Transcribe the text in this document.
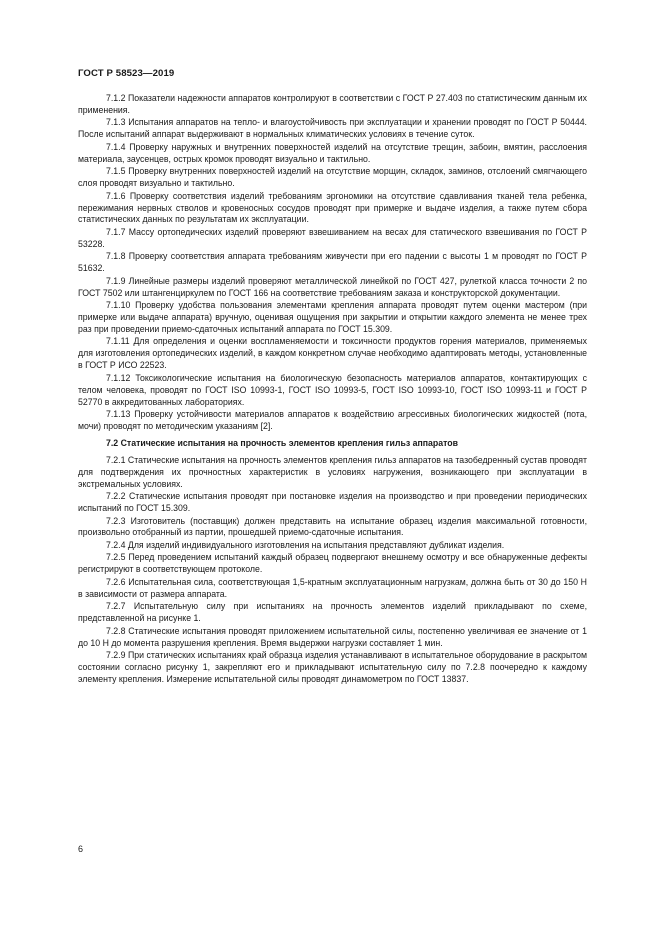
ГОСТ Р 58523—2019

7.1.2 Показатели надежности аппаратов контролируют в соответствии с ГОСТ Р 27.403 по статистическим данным их применения.

7.1.3 Испытания аппаратов на тепло- и влагоустойчивость при эксплуатации и хранении проводят по ГОСТ Р 50444. После испытаний аппарат выдерживают в нормальных климатических условиях в течение суток.

7.1.4 Проверку наружных и внутренних поверхностей изделий на отсутствие трещин, забоин, вмятин, расслоения материала, заусенцев, острых кромок проводят визуально и тактильно.

7.1.5 Проверку внутренних поверхностей изделий на отсутствие морщин, складок, заминов, отслоений смягчающего слоя проводят визуально и тактильно.

7.1.6 Проверку соответствия изделий требованиям эргономики на отсутствие сдавливания тканей тела ребенка, пережимания нервных стволов и кровеносных сосудов проводят при примерке и выдаче изделия, а также путем сбора статистических данных по результатам их эксплуатации.

7.1.7 Массу ортопедических изделий проверяют взвешиванием на весах для статического взвешивания по ГОСТ Р 53228.

7.1.8 Проверку соответствия аппарата требованиям живучести при его падении с высоты 1 м проводят по ГОСТ Р 51632.

7.1.9 Линейные размеры изделий проверяют металлической линейкой по ГОСТ 427, рулеткой класса точности 2 по ГОСТ 7502 или штангенциркулем по ГОСТ 166 на соответствие требованиям заказа и конструкторской документации.

7.1.10 Проверку удобства пользования элементами крепления аппарата проводят путем оценки мастером (при примерке или выдаче аппарата) вручную, оценивая ощущения при закрытии и открытии каждого элемента не менее трех раз при проведении приемо-сдаточных испытаний аппарата по ГОСТ 15.309.

7.1.11 Для определения и оценки воспламеняемости и токсичности продуктов горения материалов, применяемых для изготовления ортопедических изделий, в каждом конкретном случае необходимо адаптировать методы, установленные в ГОСТ Р ИСО 22523.

7.1.12 Токсикологические испытания на биологическую безопасность материалов аппаратов, контактирующих с телом человека, проводят по ГОСТ ISO 10993-1, ГОСТ ISO 10993-5, ГОСТ ISO 10993-10, ГОСТ ISO 10993-11 и ГОСТ Р 52770 в аккредитованных лабораториях.

7.1.13 Проверку устойчивости материалов аппаратов к воздействию агрессивных биологических жидкостей (пота, мочи) проводят по методическим указаниям [2].

7.2 Статические испытания на прочность элементов крепления гильз аппаратов

7.2.1 Статические испытания на прочность элементов крепления гильз аппаратов на тазобедренный сустав проводят для подтверждения их прочностных характеристик в условиях нагружения, возникающего при эксплуатации в экстремальных условиях.

7.2.2 Статические испытания проводят при постановке изделия на производство и при проведении периодических испытаний по ГОСТ 15.309.

7.2.3 Изготовитель (поставщик) должен представить на испытание образец изделия максимальной готовности, произвольно отобранный из партии, прошедшей приемо-сдаточные испытания.

7.2.4 Для изделий индивидуального изготовления на испытания представляют дубликат изделия.

7.2.5 Перед проведением испытаний каждый образец подвергают внешнему осмотру и все обнаруженные дефекты регистрируют в соответствующем протоколе.

7.2.6 Испытательная сила, соответствующая 1,5-кратным эксплуатационным нагрузкам, должна быть от 30 до 150 Н в зависимости от размера аппарата.

7.2.7 Испытательную силу при испытаниях на прочность элементов изделий прикладывают по схеме, представленной на рисунке 1.

7.2.8 Статические испытания проводят приложением испытательной силы, постепенно увеличивая ее значение от 1 до 10 Н до момента разрушения крепления. Время выдержки нагрузки составляет 1 мин.

7.2.9 При статических испытаниях край образца изделия устанавливают в испытательное оборудование в раскрытом состоянии согласно рисунку 1, закрепляют его и прикладывают испытательную силу по 7.2.8 поочередно к каждому элементу крепления. Измерение испытательной силы проводят динамометром по ГОСТ 13837.

6
